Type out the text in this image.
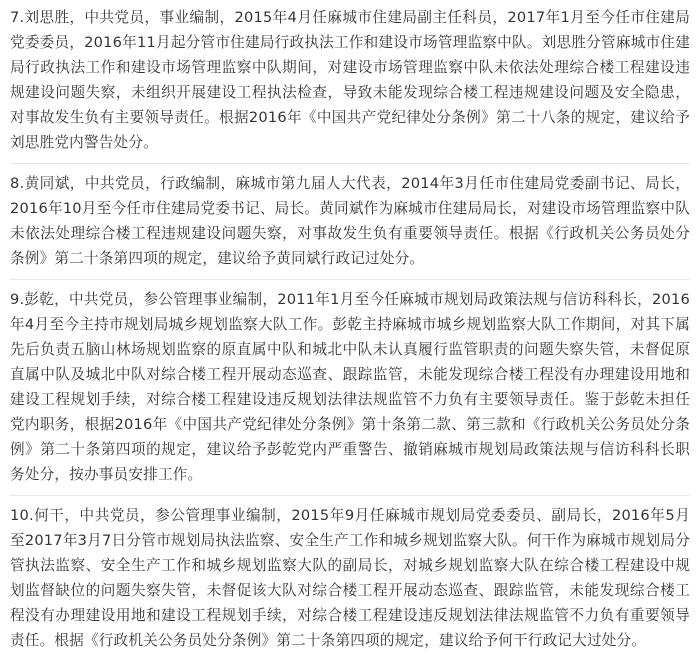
7.刘思胜，中共党员，事业编制，2015年4月任麻城市住建局副主任科员，2017年1月至今任市住建局党委委员，2016年11月起分管市住建局行政执法工作和建设市场管理监察中队。刘思胜分管麻城市住建局行政执法工作和建设市场管理监察中队期间，对建设市场管理监察中队未依法处理综合楼工程建设违规建设问题失察，未组织开展建设工程执法检查，导致未能发现综合楼工程违规建设问题及安全隐患，对事故发生负有主要领导责任。根据2016年《中国共产党纪律处分条例》第二十八条的规定，建议给予刘思胜党内警告处分。

8.黄同斌，中共党员，行政编制，麻城市第九届人大代表，2014年3月任市住建局党委副书记、局长，2016年10月至今任市住建局党委书记、局长。黄同斌作为麻城市住建局局长，对建设市场管理监察中队未依法处理综合楼工程违规建设问题失察，对事故发生负有重要领导责任。根据《行政机关公务员处分条例》第二十条第四项的规定，建议给予黄同斌行政记过处分。

9.彭乾，中共党员，参公管理事业编制，2011年1月至今任麻城市规划局政策法规与信访科科长，2016年4月至今主持市规划局城乡规划监察大队工作。彭乾主持麻城市城乡规划监察大队工作期间，对其下属先后负责五脑山林场规划监察的原直属中队和城北中队未认真履行监管职责的问题失察失管，未督促原直属中队及城北中队对综合楼工程开展动态巡查、跟踪监管，未能发现综合楼工程没有办理建设用地和建设工程规划手续，对综合楼工程建设违反规划法律法规监管不力负有主要领导责任。鉴于彭乾未担任党内职务，根据2016年《中国共产党纪律处分条例》第十条第二款、第三款和《行政机关公务员处分条例》第二十条第四项的规定，建议给予彭乾党内严重警告、撤销麻城市规划局政策法规与信访科科长职务处分，按办事员安排工作。

10.何干，中共党员，参公管理事业编制，2015年9月任麻城市规划局党委委员、副局长，2016年5月至2017年3月7日分管市规划局执法监察、安全生产工作和城乡规划监察大队。何干作为麻城市规划局分管执法监察、安全生产工作和城乡规划监察大队的副局长，对城乡规划监察大队在综合楼工程建设中规划监督缺位的问题失察失管，未督促该大队对综合楼工程开展动态巡查、跟踪监管，未能发现综合楼工程没有办理建设用地和建设工程规划手续，对综合楼工程建设违反规划法律法规监管不力负有重要领导责任。根据《行政机关公务员处分条例》第二十条第四项的规定，建议给予何干行政记大过处分。
